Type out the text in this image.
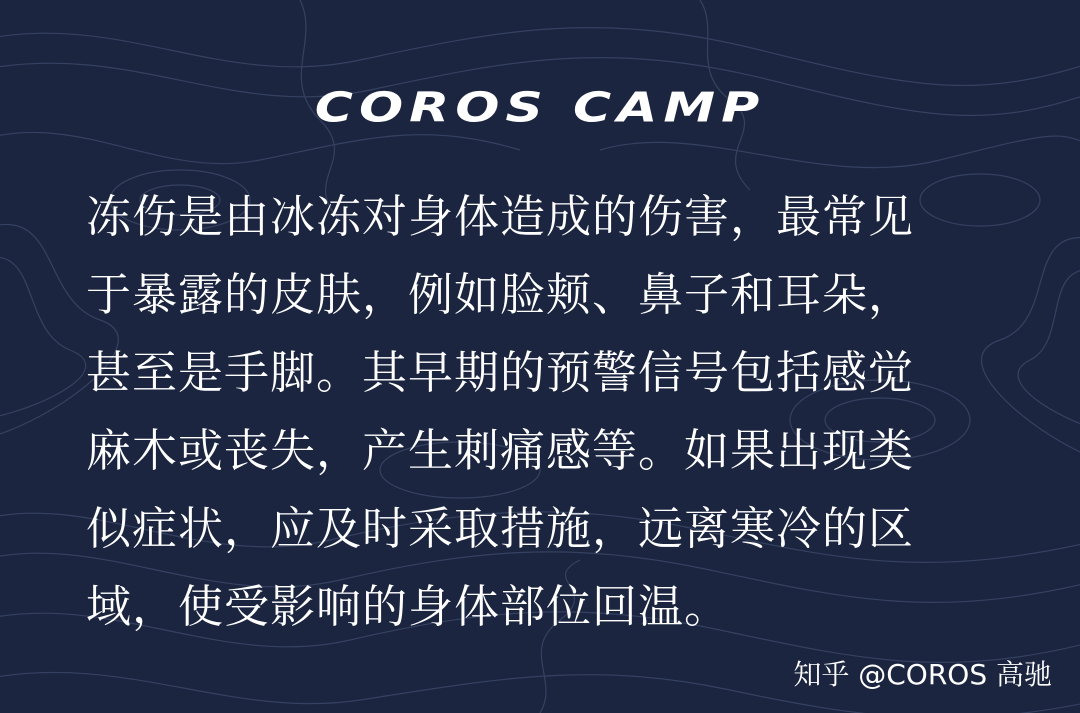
COROS CAMP
冻伤是由冰冻对身体造成的伤害，最常见
于暴露的皮肤，例如脸颊、鼻子和耳朵，
甚至是手脚。其早期的预警信号包括感觉
麻木或丧失，产生刺痛感等。如果出现类
似症状，应及时采取措施，远离寒冷的区
域，使受影响的身体部位回温。
知乎 @COROS 高驰
